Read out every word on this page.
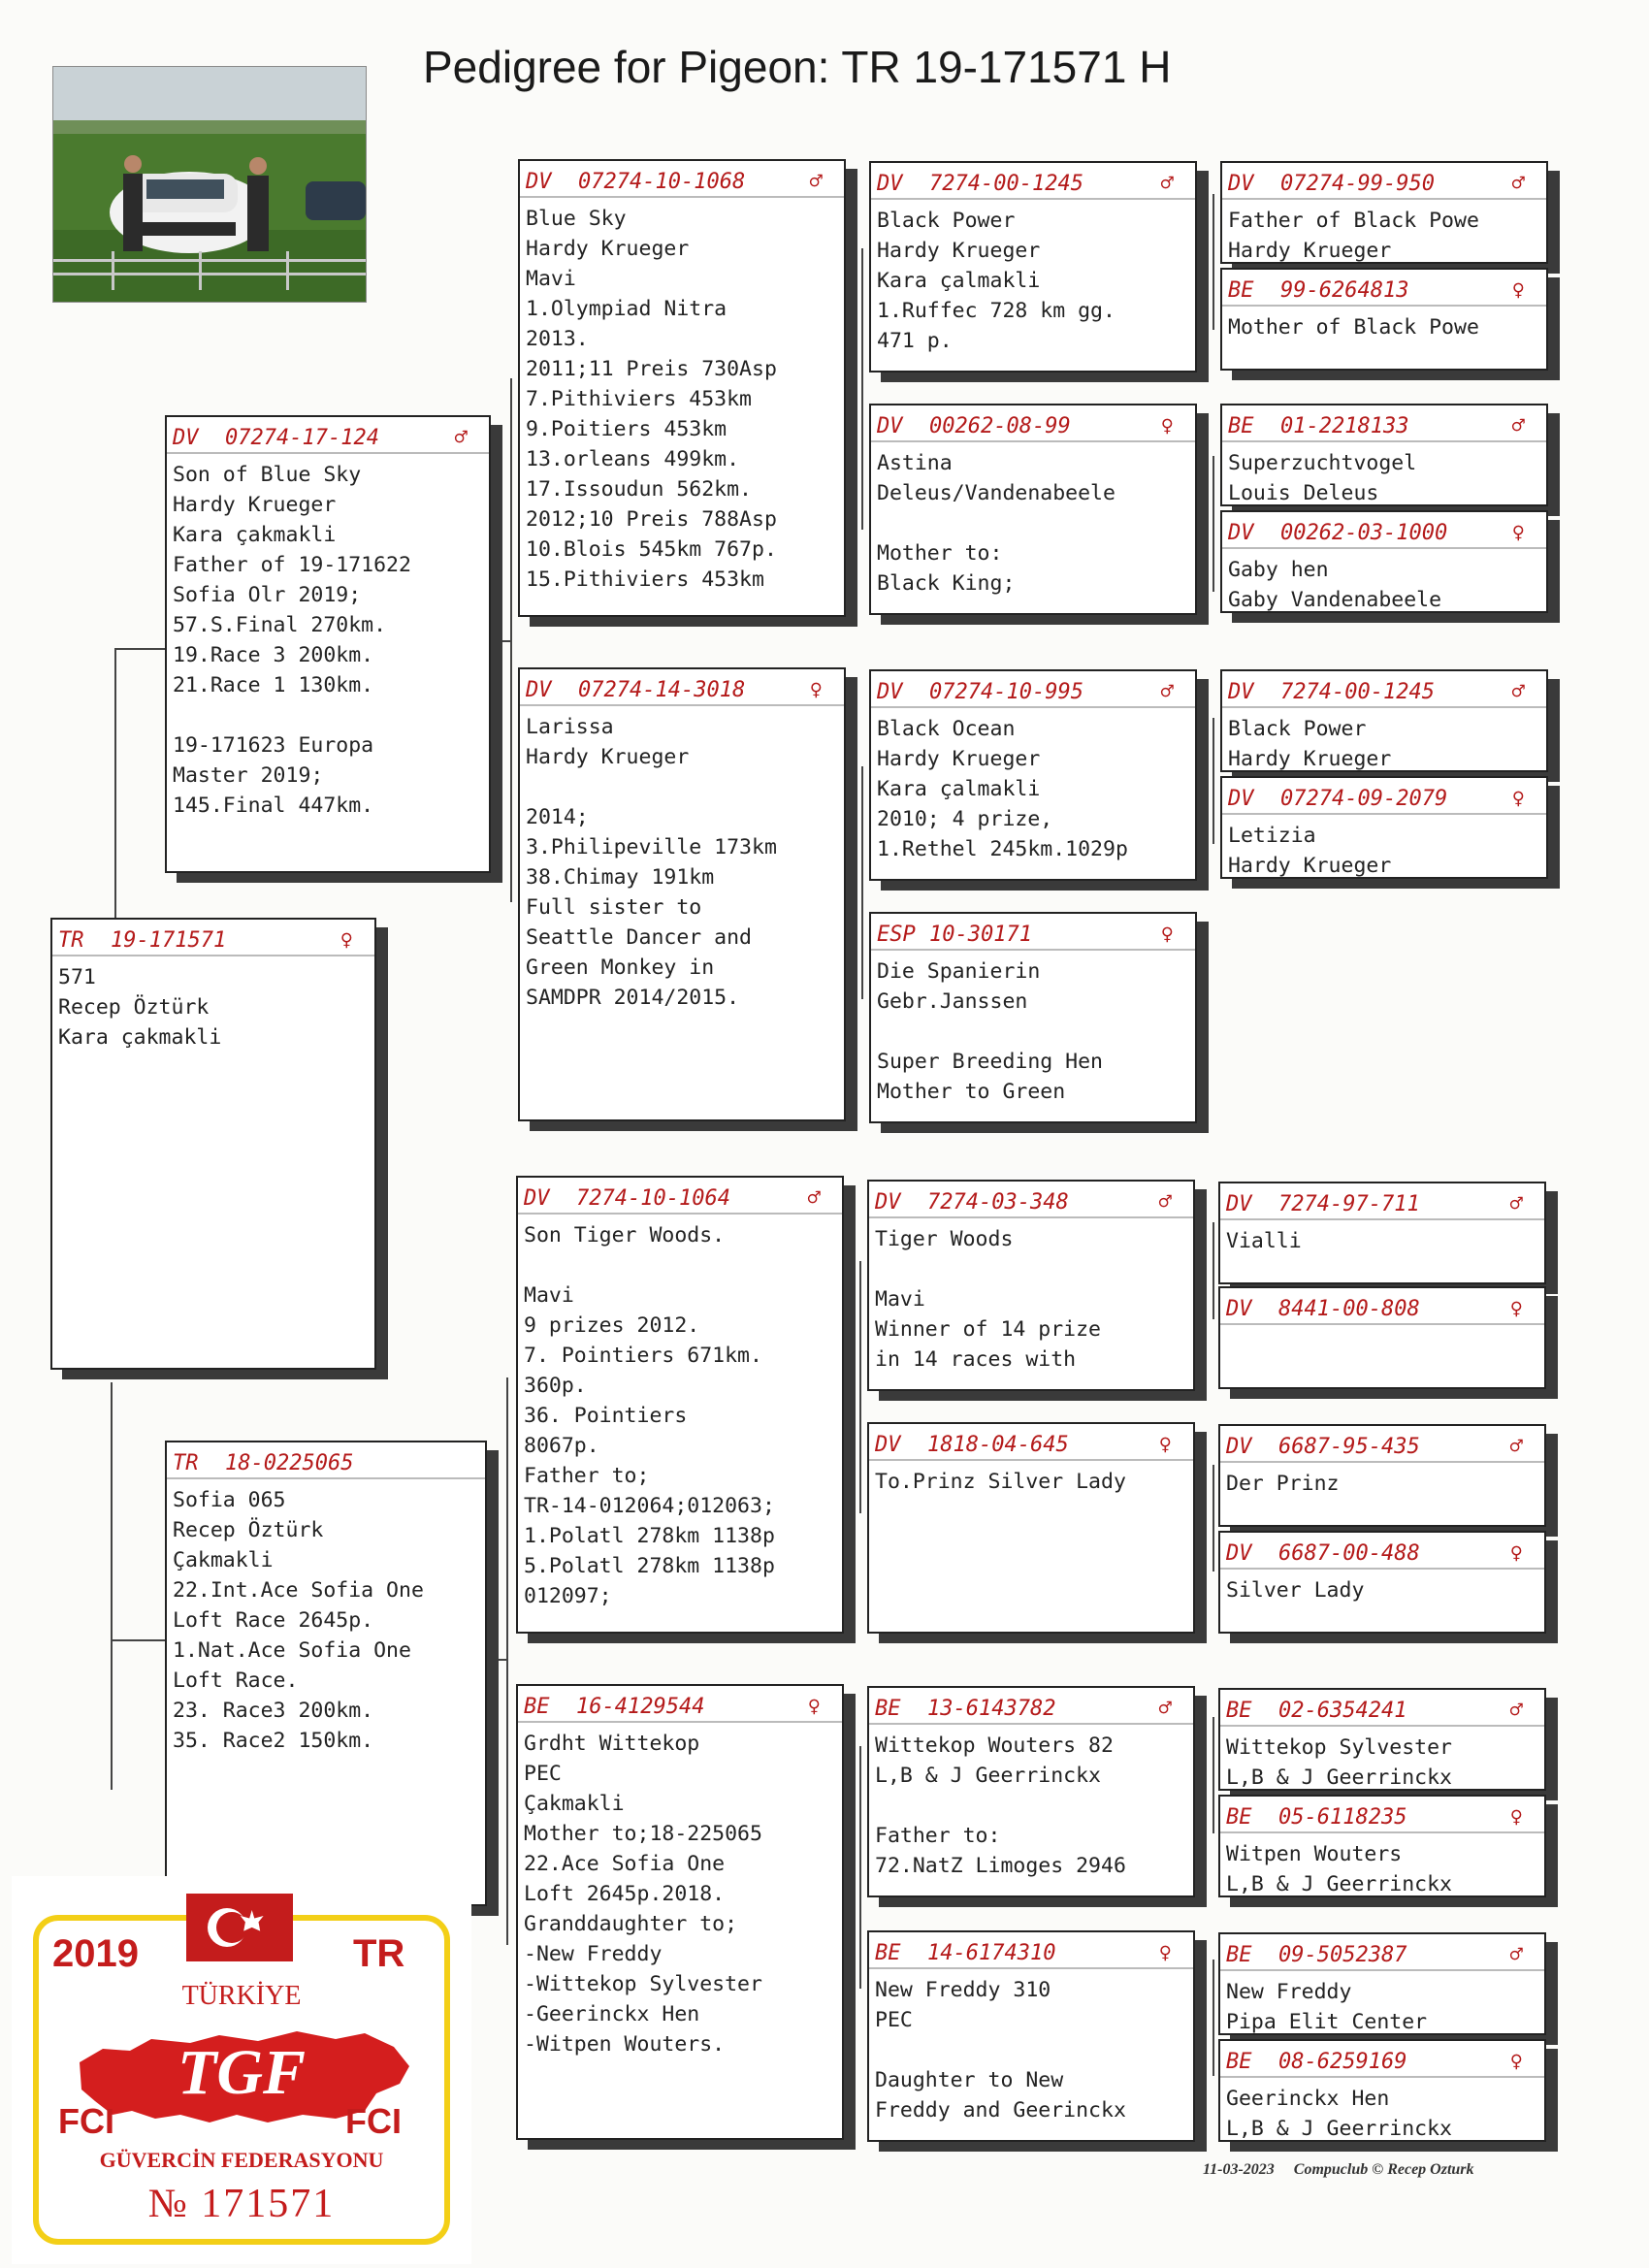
Pedigree for Pigeon: TR 19-171571 H
TR	19-171571	♀
571
Recep Öztürk
Kara çakmakli
DV	07274-17-124	♂
Son of Blue Sky
Hardy Krueger
Kara çakmakli
Father of 19-171622
Sofia Olr 2019;
57.S.Final 270km.
19.Race 3 200km.
21.Race 1 130km.
19-171623 Europa
Master 2019;
145.Final 447km.
TR	18-0225065
Sofia 065
Recep Öztürk
Çakmakli
22.Int.Ace Sofia One
Loft Race 2645p.
1.Nat.Ace Sofia One
Loft Race.
23. Race3 200km.
35. Race2 150km.
DV	07274-10-1068	♂
Blue Sky
Hardy Krueger
Mavi
1.Olympiad Nitra
2013.
2011;11 Preis 730Asp
7.Pithiviers 453km
9.Poitiers 453km
13.orleans 499km.
17.Issoudun 562km.
2012;10 Preis 788Asp
10.Blois 545km 767p.
15.Pithiviers 453km
DV	07274-14-3018	♀
Larissa
Hardy Krueger
2014;
3.Philipeville 173km
38.Chimay 191km
Full sister to
Seattle Dancer and
Green Monkey in
SAMDPR 2014/2015.
DV	7274-10-1064	♂
Son Tiger Woods.
Mavi
9 prizes 2012.
7. Pointiers 671km.
360p.
36. Pointiers
8067p.
Father to;
TR-14-012064;012063;
1.Polatl 278km 1138p
5.Polatl 278km 1138p
012097;
BE	16-4129544	♀
Grdht Wittekop
PEC
Çakmakli
Mother to;18-225065
22.Ace Sofia One
Loft 2645p.2018.
Granddaughter to;
-New Freddy
-Wittekop Sylvester
-Geerinckx Hen
-Witpen Wouters.
DV	7274-00-1245	♂
Black Power
Hardy Krueger
Kara çalmakli
1.Ruffec 728 km gg.
471 p.
DV	00262-08-99	♀
Astina
Deleus/Vandenabeele
Mother to:
Black King;
DV	07274-10-995	♂
Black Ocean
Hardy Krueger
Kara çalmakli
2010; 4 prize,
1.Rethel 245km.1029p
ESP 10-30171	♀
Die Spanierin
Gebr.Janssen
Super Breeding Hen
Mother to Green
DV	7274-03-348	♂
Tiger Woods
Mavi
Winner of 14 prize
in 14 races with
DV	1818-04-645	♀
To.Prinz Silver Lady
BE	13-6143782	♂
Wittekop Wouters 82
L,B & J Geerrinckx
Father to:
72.NatZ Limoges 2946
BE	14-6174310	♀
New Freddy 310
PEC
Daughter to New
Freddy and Geerinckx
DV	07274-99-950	♂
Father of Black Powe
Hardy Krueger
BE	99-6264813	♀
Mother of Black Powe
BE	01-2218133	♂
Superzuchtvogel
Louis Deleus
DV	00262-03-1000	♀
Gaby hen
Gaby Vandenabeele
DV	7274-00-1245	♂
Black Power
Hardy Krueger
DV	07274-09-2079	♀
Letizia
Hardy Krueger
DV	7274-97-711	♂
Vialli
DV	8441-00-808	♀
DV	6687-95-435	♂
Der Prinz
DV	6687-00-488	♀
Silver Lady
BE	02-6354241	♂
Wittekop Sylvester
L,B & J Geerrinckx
BE	05-6118235	♀
Witpen Wouters
L,B & J Geerrinckx
BE	09-5052387	♂
New Freddy
Pipa Elit Center
BE	08-6259169	♀
Geerinckx Hen
L,B & J Geerrinckx
11-03-2023 Compuclub © Recep Ozturk
2019	TR
TÜRKİYE
TGF
FCI	FCI
GÜVERCİN FEDERASYONU
№ 171571
